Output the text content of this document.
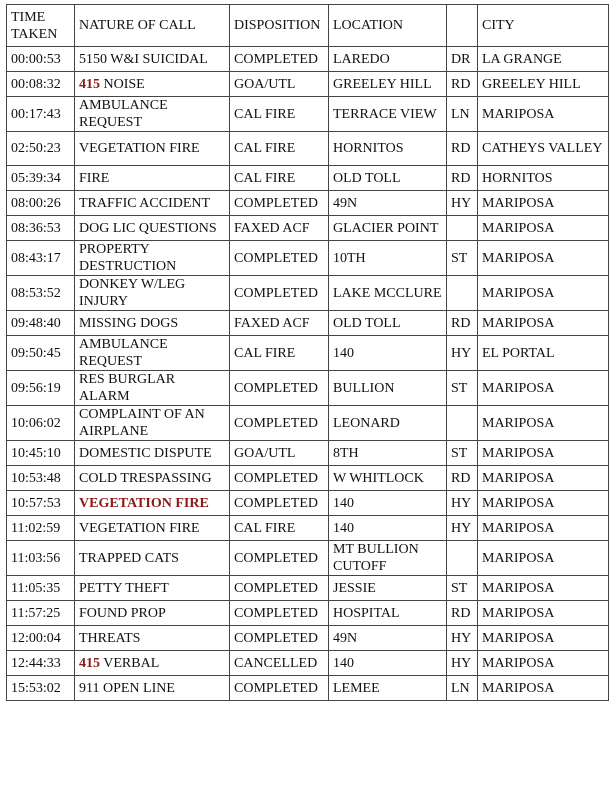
TIME TAKEN	NATURE OF CALL	DISPOSITION	LOCATION		CITY
00:00:53	5150 W&I SUICIDAL	COMPLETED	LAREDO	DR	LA GRANGE
00:08:32	415 NOISE	GOA/UTL	GREELEY HILL	RD	GREELEY HILL
00:17:43	AMBULANCE REQUEST	CAL FIRE	TERRACE VIEW	LN	MARIPOSA
02:50:23	VEGETATION FIRE	CAL FIRE	HORNITOS	RD	CATHEYS VALLEY
05:39:34	FIRE	CAL FIRE	OLD TOLL	RD	HORNITOS
08:00:26	TRAFFIC ACCIDENT	COMPLETED	49N	HY	MARIPOSA
08:36:53	DOG LIC QUESTIONS	FAXED ACF	GLACIER POINT		MARIPOSA
08:43:17	PROPERTY DESTRUCTION	COMPLETED	10TH	ST	MARIPOSA
08:53:52	DONKEY W/LEG INJURY	COMPLETED	LAKE MCCLURE		MARIPOSA
09:48:40	MISSING DOGS	FAXED ACF	OLD TOLL	RD	MARIPOSA
09:50:45	AMBULANCE REQUEST	CAL FIRE	140	HY	EL PORTAL
09:56:19	RES BURGLAR ALARM	COMPLETED	BULLION	ST	MARIPOSA
10:06:02	COMPLAINT OF AN AIRPLANE	COMPLETED	LEONARD		MARIPOSA
10:45:10	DOMESTIC DISPUTE	GOA/UTL	8TH	ST	MARIPOSA
10:53:48	COLD TRESPASSING	COMPLETED	W WHITLOCK	RD	MARIPOSA
10:57:53	VEGETATION FIRE	COMPLETED	140	HY	MARIPOSA
11:02:59	VEGETATION FIRE	CAL FIRE	140	HY	MARIPOSA
11:03:56	TRAPPED CATS	COMPLETED	MT BULLION CUTOFF		MARIPOSA
11:05:35	PETTY THEFT	COMPLETED	JESSIE	ST	MARIPOSA
11:57:25	FOUND PROP	COMPLETED	HOSPITAL	RD	MARIPOSA
12:00:04	THREATS	COMPLETED	49N	HY	MARIPOSA
12:44:33	415 VERBAL	CANCELLED	140	HY	MARIPOSA
15:53:02	911 OPEN LINE	COMPLETED	LEMEE	LN	MARIPOSA
